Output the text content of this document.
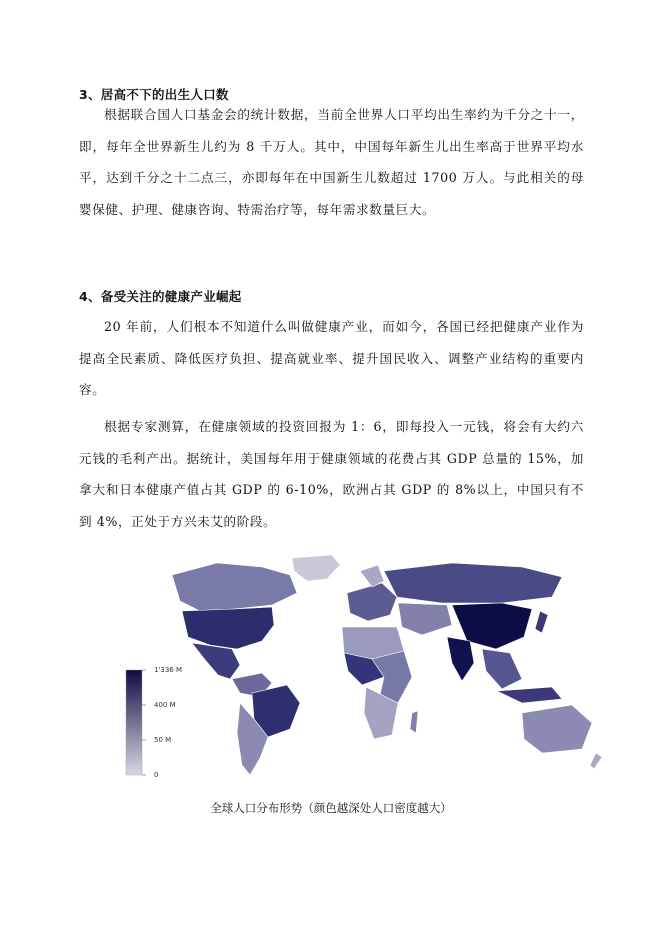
3、居高不下的出生人口数

根据联合国人口基金会的统计数据，当前全世界人口平均出生率约为千分之十一，即，每年全世界新生儿约为 8 千万人。其中，中国每年新生儿出生率高于世界平均水平，达到千分之十二点三，亦即每年在中国新生儿数超过 1700 万人。与此相关的母婴保健、护理、健康咨询、特需治疗等，每年需求数量巨大。

4、备受关注的健康产业崛起

20 年前，人们根本不知道什么叫做健康产业，而如今，各国已经把健康产业作为提高全民素质、降低医疗负担、提高就业率、提升国民收入、调整产业结构的重要内容。

根据专家测算，在健康领域的投资回报为 1：6，即每投入一元钱，将会有大约六元钱的毛利产出。据统计，美国每年用于健康领域的花费占其 GDP 总量的 15%，加拿大和日本健康产值占其 GDP 的 6-10%，欧洲占其 GDP 的 8%以上，中国只有不到 4%，正处于方兴未艾的阶段。

1'336 M
400 M
50 M
0
全球人口分布形势（颜色越深处人口密度越大）
